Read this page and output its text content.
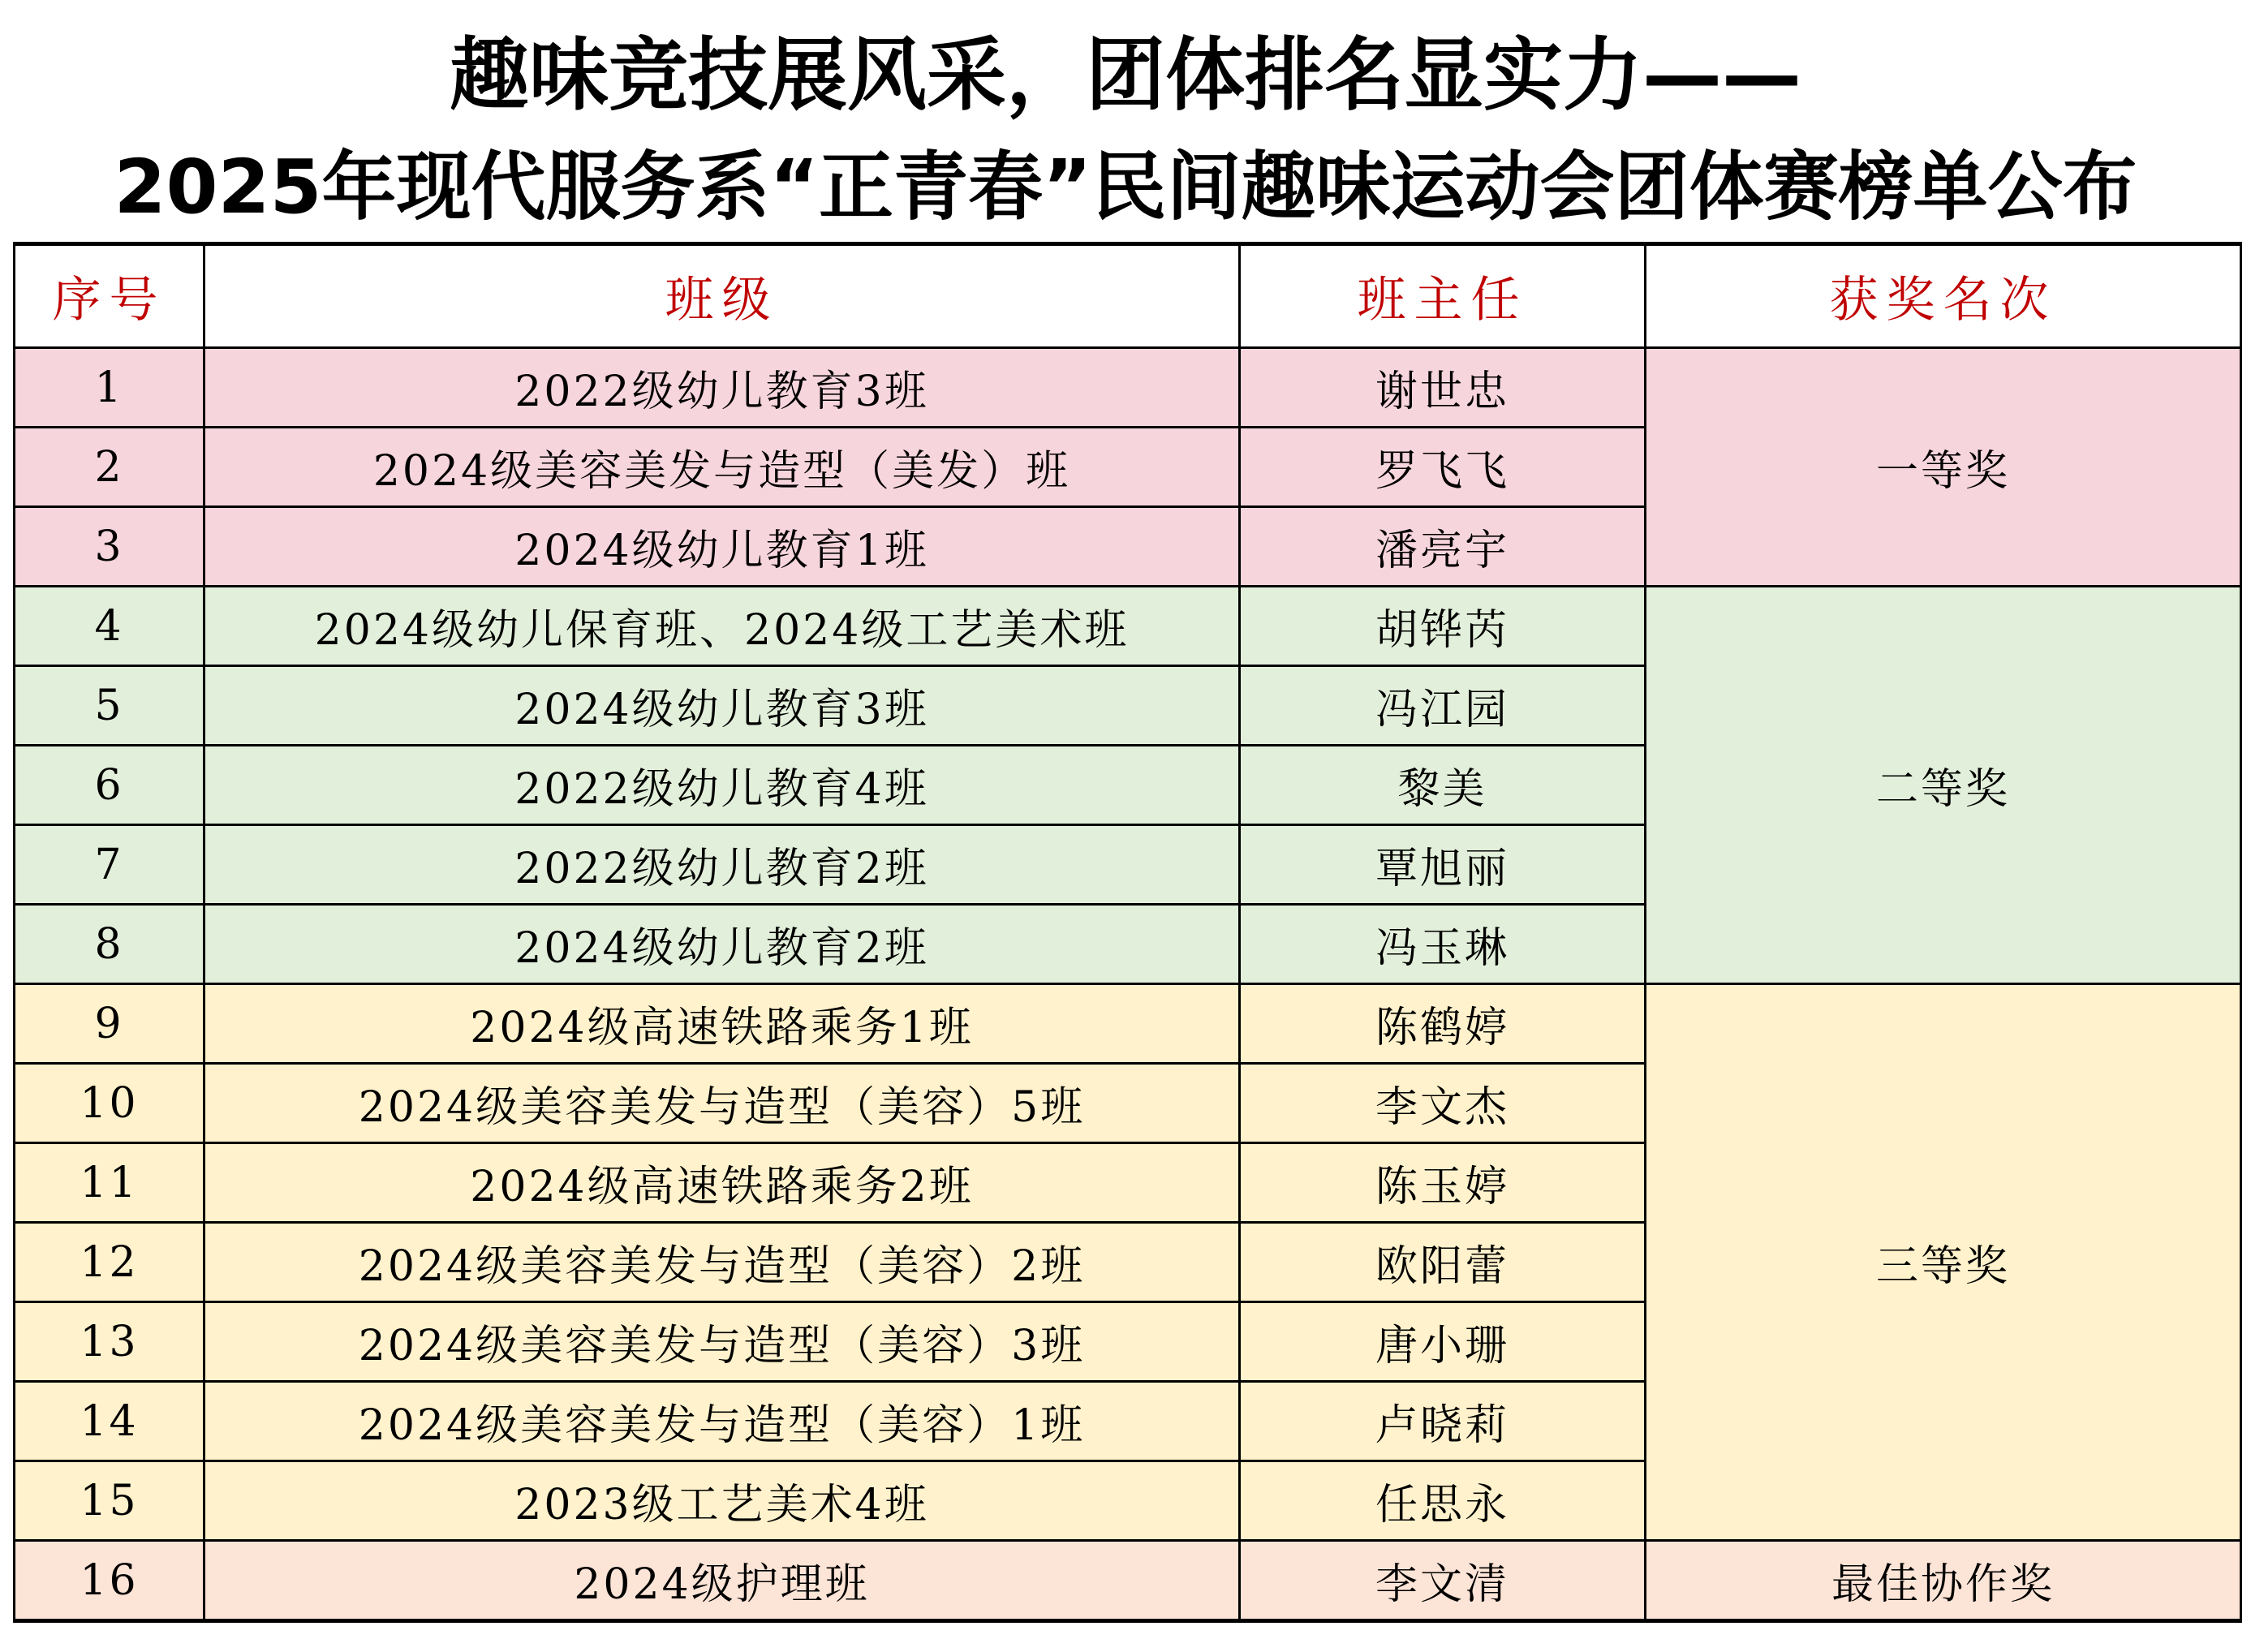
趣味竞技展风采，团体排名显实力——
2025年现代服务系“正青春”民间趣味运动会团体赛榜单公布
序号	班级	班主任	获奖名次
1	2022级幼儿教育3班	谢世忠	一等奖
2	2024级美容美发与造型（美发）班	罗飞飞	
3	2024级幼儿教育1班	潘亮宇	
4	2024级幼儿保育班、2024级工艺美术班	胡铧芮	二等奖
5	2024级幼儿教育3班	冯江园	
6	2022级幼儿教育4班	黎美	
7	2022级幼儿教育2班	覃旭丽	
8	2024级幼儿教育2班	冯玉琳	
9	2024级高速铁路乘务1班	陈鹤婷	三等奖
10	2024级美容美发与造型（美容）5班	李文杰	
11	2024级高速铁路乘务2班	陈玉婷	
12	2024级美容美发与造型（美容）2班	欧阳蕾	
13	2024级美容美发与造型（美容）3班	唐小珊	
14	2024级美容美发与造型（美容）1班	卢晓莉	
15	2023级工艺美术4班	任思永	
16	2024级护理班	李文清	最佳协作奖
